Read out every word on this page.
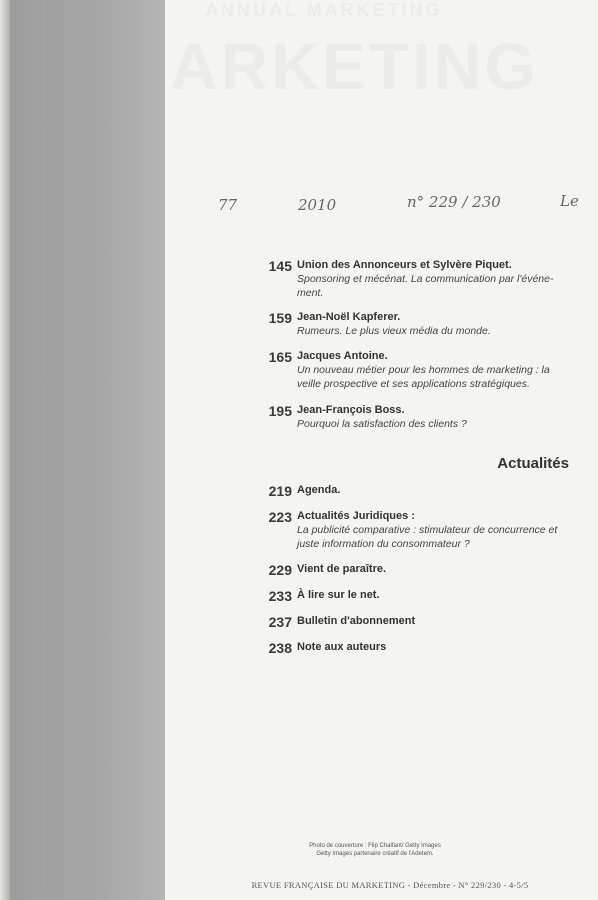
ANNUAL MARKETING
ARKETING
77	2010	n° 229 / 230	Le
145 Union des Annonceurs et Sylvère Piquet.
Sponsoring et mécénat. La communication par l'événe-ment.
159 Jean-Noël Kapferer.
Rumeurs. Le plus vieux média du monde.
165 Jacques Antoine.
Un nouveau métier pour les hommes de marketing : la veille prospective et ses applications stratégiques.
195 Jean-François Boss.
Pourquoi la satisfaction des clients ?
Actualités
219 Agenda.
223 Actualités Juridiques :
La publicité comparative : stimulateur de concurrence et juste information du consommateur ?
229 Vient de paraître.
233 À lire sur le net.
237 Bulletin d'abonnement
238 Note aux auteurs
Photo de couverture : Flip Chalfant/ Getty Images
Getty Images partenaire créatif de l'Adetem.
REVUE FRANÇAISE DU MARKETING - Décembre - N° 229/230 - 4-5/5
